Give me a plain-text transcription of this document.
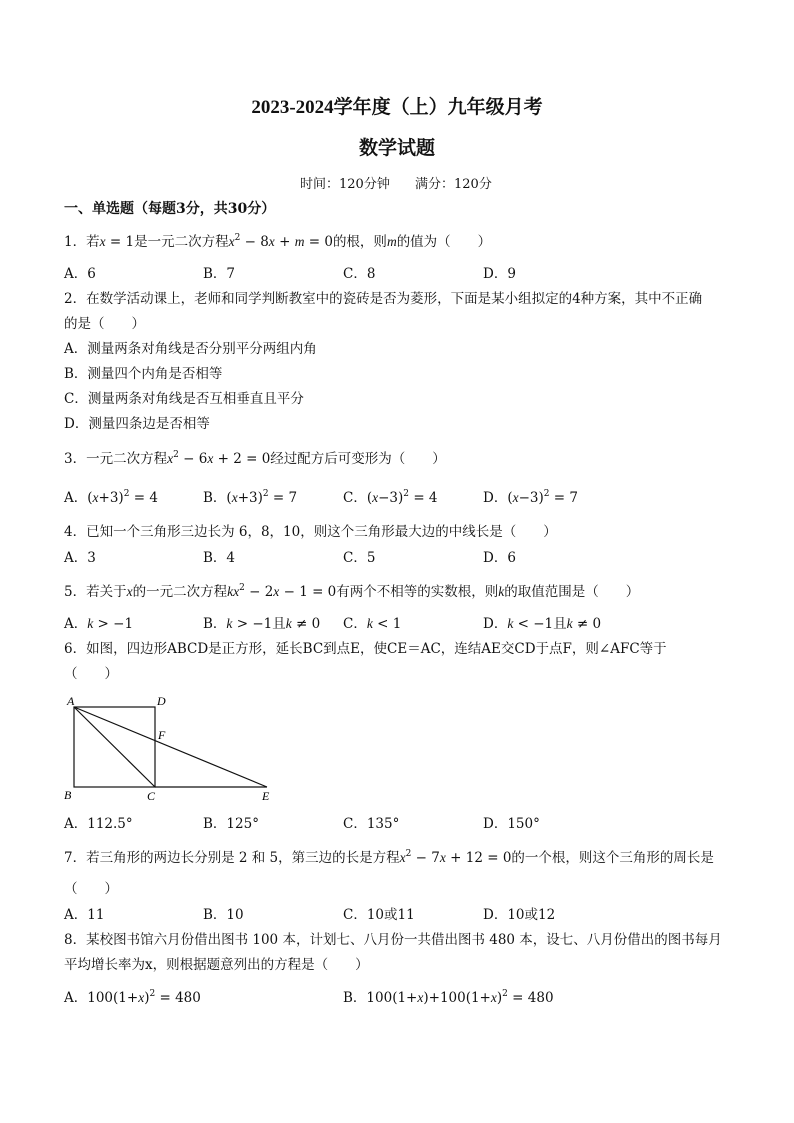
2023-2024学年度（上）九年级月考
数学试题
时间：120分钟 满分：120分
一、单选题（每题3分，共30分）
1．若x = 1是一元二次方程$x^2 - 8x + m = 0$的根，则m的值为（　　）
A．6	B．7	C．8	D．9
2．在数学活动课上，老师和同学判断教室中的瓷砖是否为菱形，下面是某小组拟定的4种方案，其中不正确
的是（　　）
A．测量两条对角线是否分别平分两组内角
B．测量四个内角是否相等
C．测量两条对角线是否互相垂直且平分
D．测量四条边是否相等
3．一元二次方程$x^2 - 6x + 2 = 0$经过配方后可变形为（　　）
A．$(x+3)^2 = 4$	B．$(x+3)^2 = 7$	C．$(x-3)^2 = 4$	D．$(x-3)^2 = 7$
4．已知一个三角形三边长为 6，8，10，则这个三角形最大边的中线长是（　　）
A．3	B．4	C．5	D．6
5．若关于x的一元二次方程$kx^2 - 2x - 1 = 0$有两个不相等的实数根，则k的取值范围是（　　）
A．k > −1	B．k > −1且k ≠ 0 C．k < 1	D．k < −1且k ≠ 0
6．如图，四边形ABCD是正方形，延长BC到点E，使CE＝AC，连结AE交CD于点F，则∠AFC等于
（　　）
A	D
F
B	C	E
A．112.5°	B．125°	C．135°	D．150°
7．若三角形的两边长分别是 2 和 5，第三边的长是方程$x^2 - 7x + 12 = 0$的一个根，则这个三角形的周长是
（　　）
A．11	B．10	C．10或11	D．10或12
8．某校图书馆六月份借出图书 100 本，计划七、八月份一共借出图书 480 本，设七、八月份借出的图书每月
平均增长率为x，则根据题意列出的方程是（　　）
A．$100(1+x)^2 = 480$	B．$100(1+x)+100(1+x)^2 = 480$
